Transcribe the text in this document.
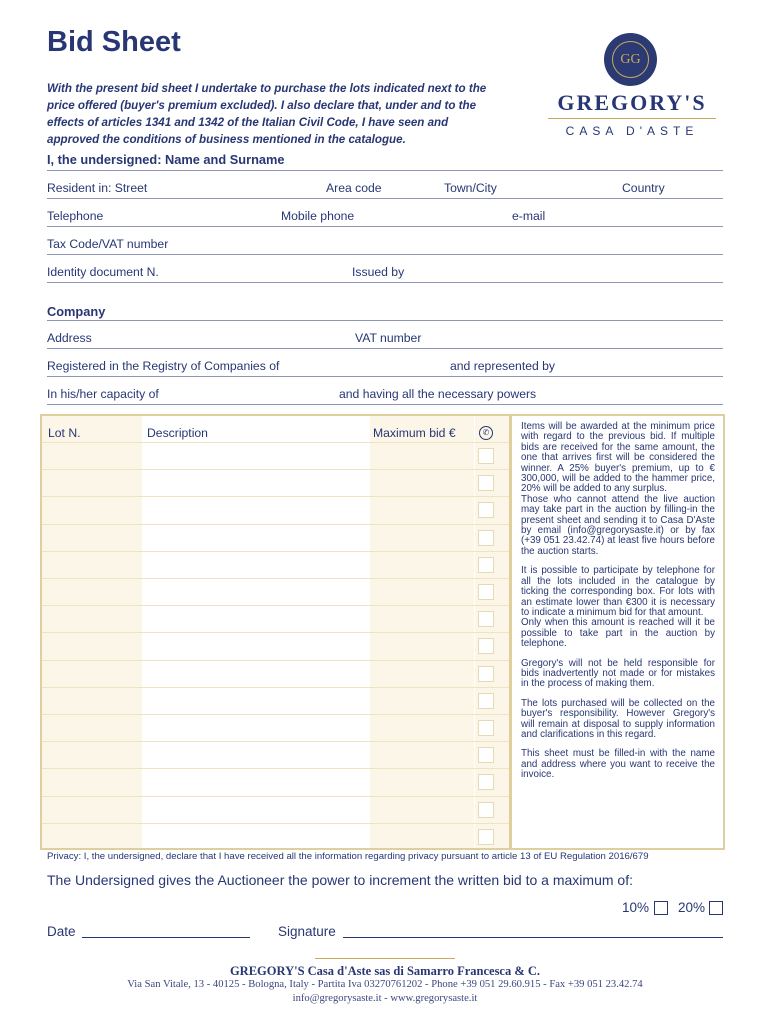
Bid Sheet
With the present bid sheet I undertake to purchase the lots indicated next to the price offered (buyer's premium excluded). I also declare that, under and to the effects of articles 1341 and 1342 of the Italian Civil Code, I have seen and approved the conditions of business mentioned in the catalogue.
GG
GREGORY'S
CASA D'ASTE
I, the undersigned: Name and Surname
Resident in: Street	Area code	Town/City	Country
Telephone	Mobile phone	e-mail
Tax Code/VAT number
Identity document N.	Issued by
Company
Address	VAT number
Registered in the Registry of Companies of	and represented by
In his/her capacity of	and having all the necessary powers
Lot N.	Description	Maximum bid €	✆

Items will be awarded at the minimum price with regard to the previous bid. If multiple bids are received for the same amount, the one that arrives first will be considered the winner. A 25% buyer's premium, up to € 300,000, will be added to the hammer price, 20% will be added to any surplus.
Those who cannot attend the live auction may take part in the auction by filling-in the present sheet and sending it to Casa D'Aste by email (info@gregorysaste.it) or by fax (+39 051 23.42.74) at least five hours before the auction starts.

It is possible to participate by telephone for all the lots included in the catalogue by ticking the corresponding box. For lots with an estimate lower than €300 it is necessary to indicate a minimum bid for that amount.
Only when this amount is reached will it be possible to take part in the auction by telephone.

Gregory's will not be held responsible for bids inadvertently not made or for mistakes in the process of making them.

The lots purchased will be collected on the buyer's responsibility. However Gregory's will remain at disposal to supply information and clarifications in this regard.

This sheet must be filled-in with the name and address where you want to receive the invoice.

Privacy: I, the undersigned, declare that I have received all the information regarding privacy pursuant to article 13 of EU Regulation 2016/679
The Undersigned gives the Auctioneer the power to increment the written bid to a maximum of:
10% 20%
Date	Signature
GREGORY'S Casa d'Aste sas di Samarro Francesca & C.
Via San Vitale, 13 - 40125 - Bologna, Italy - Partita Iva 03270761202 - Phone +39 051 29.60.915 - Fax +39 051 23.42.74
info@gregorysaste.it - www.gregorysaste.it
